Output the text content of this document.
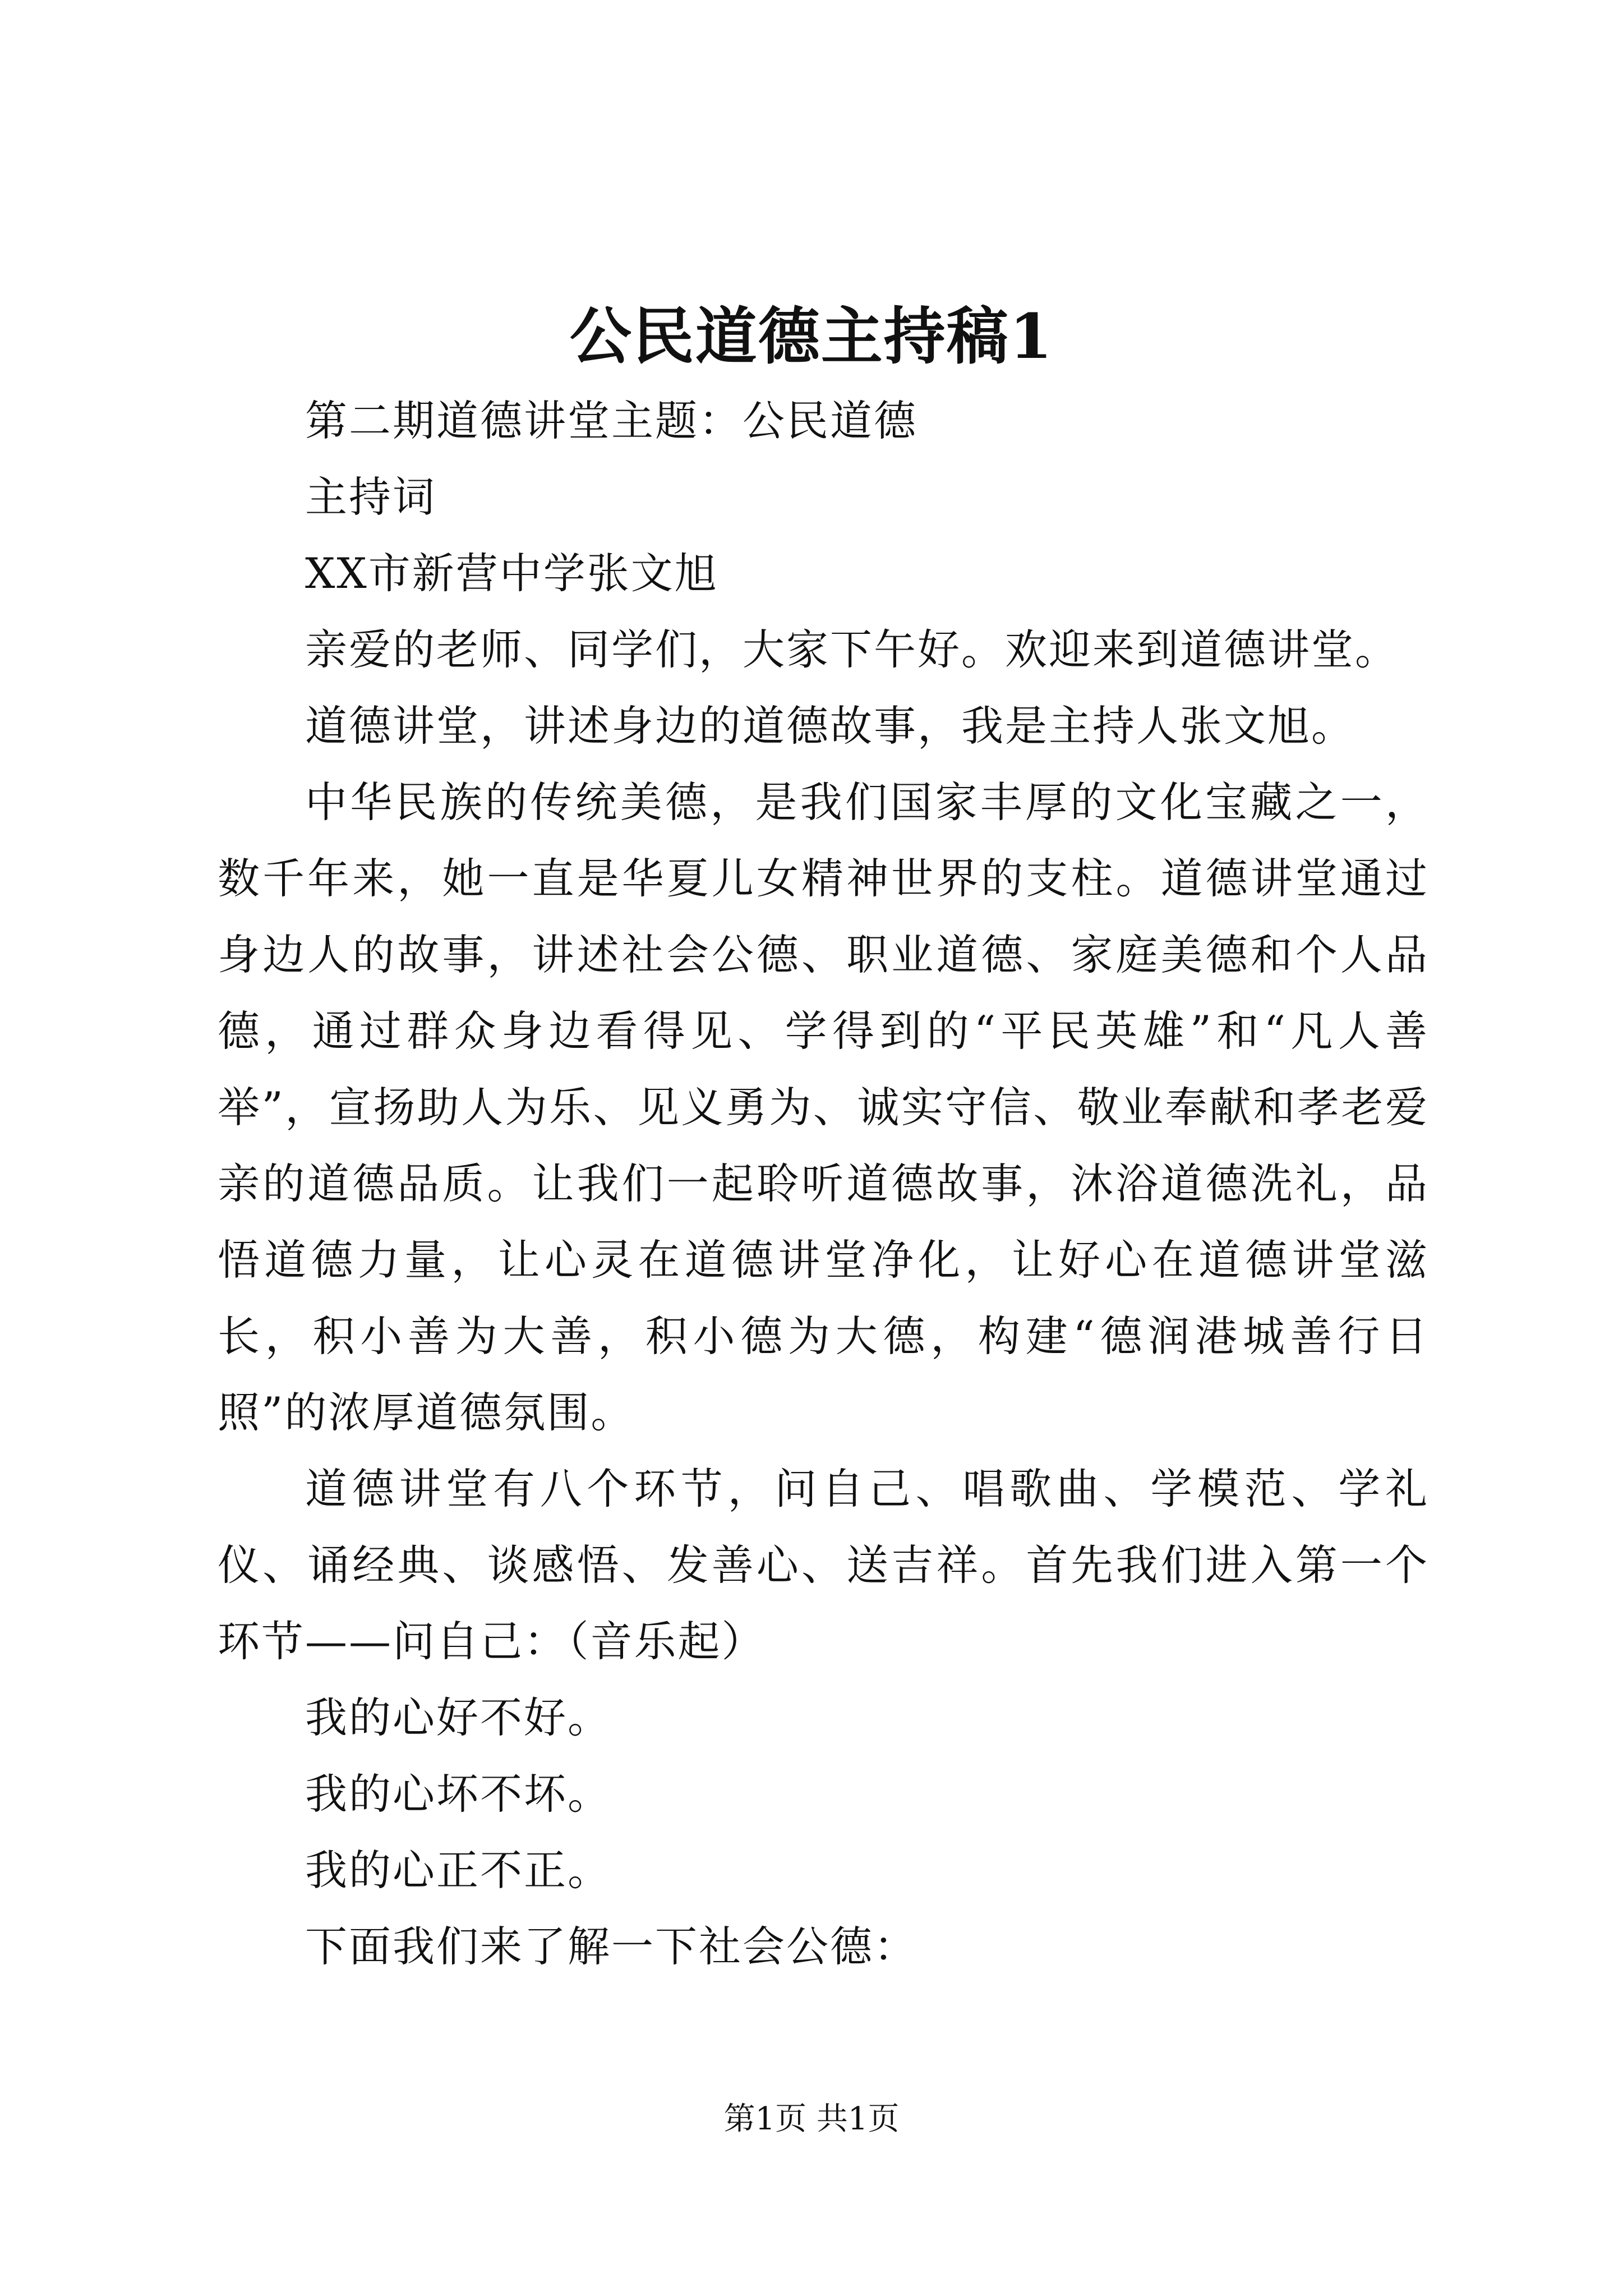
公民道德主持稿1

第二期道德讲堂主题：公民道德

主持词

XX市新营中学张文旭

亲爱的老师、同学们，大家下午好。欢迎来到道德讲堂。

道德讲堂，讲述身边的道德故事，我是主持人张文旭。

中华民族的传统美德，是我们国家丰厚的文化宝藏之一，数千年来，她一直是华夏儿女精神世界的支柱。道德讲堂通过身边人的故事，讲述社会公德、职业道德、家庭美德和个人品德，通过群众身边看得见、学得到的“平民英雄”和“凡人善举”，宣扬助人为乐、见义勇为、诚实守信、敬业奉献和孝老爱亲的道德品质。让我们一起聆听道德故事，沐浴道德洗礼，品悟道德力量，让心灵在道德讲堂净化，让好心在道德讲堂滋长，积小善为大善，积小德为大德，构建“德润港城善行日照”的浓厚道德氛围。

道德讲堂有八个环节，问自己、唱歌曲、学模范、学礼仪、诵经典、谈感悟、发善心、送吉祥。首先我们进入第一个环节——问自己：（音乐起）

我的心好不好。

我的心坏不坏。

我的心正不正。

下面我们来了解一下社会公德：

第1页 共1页
